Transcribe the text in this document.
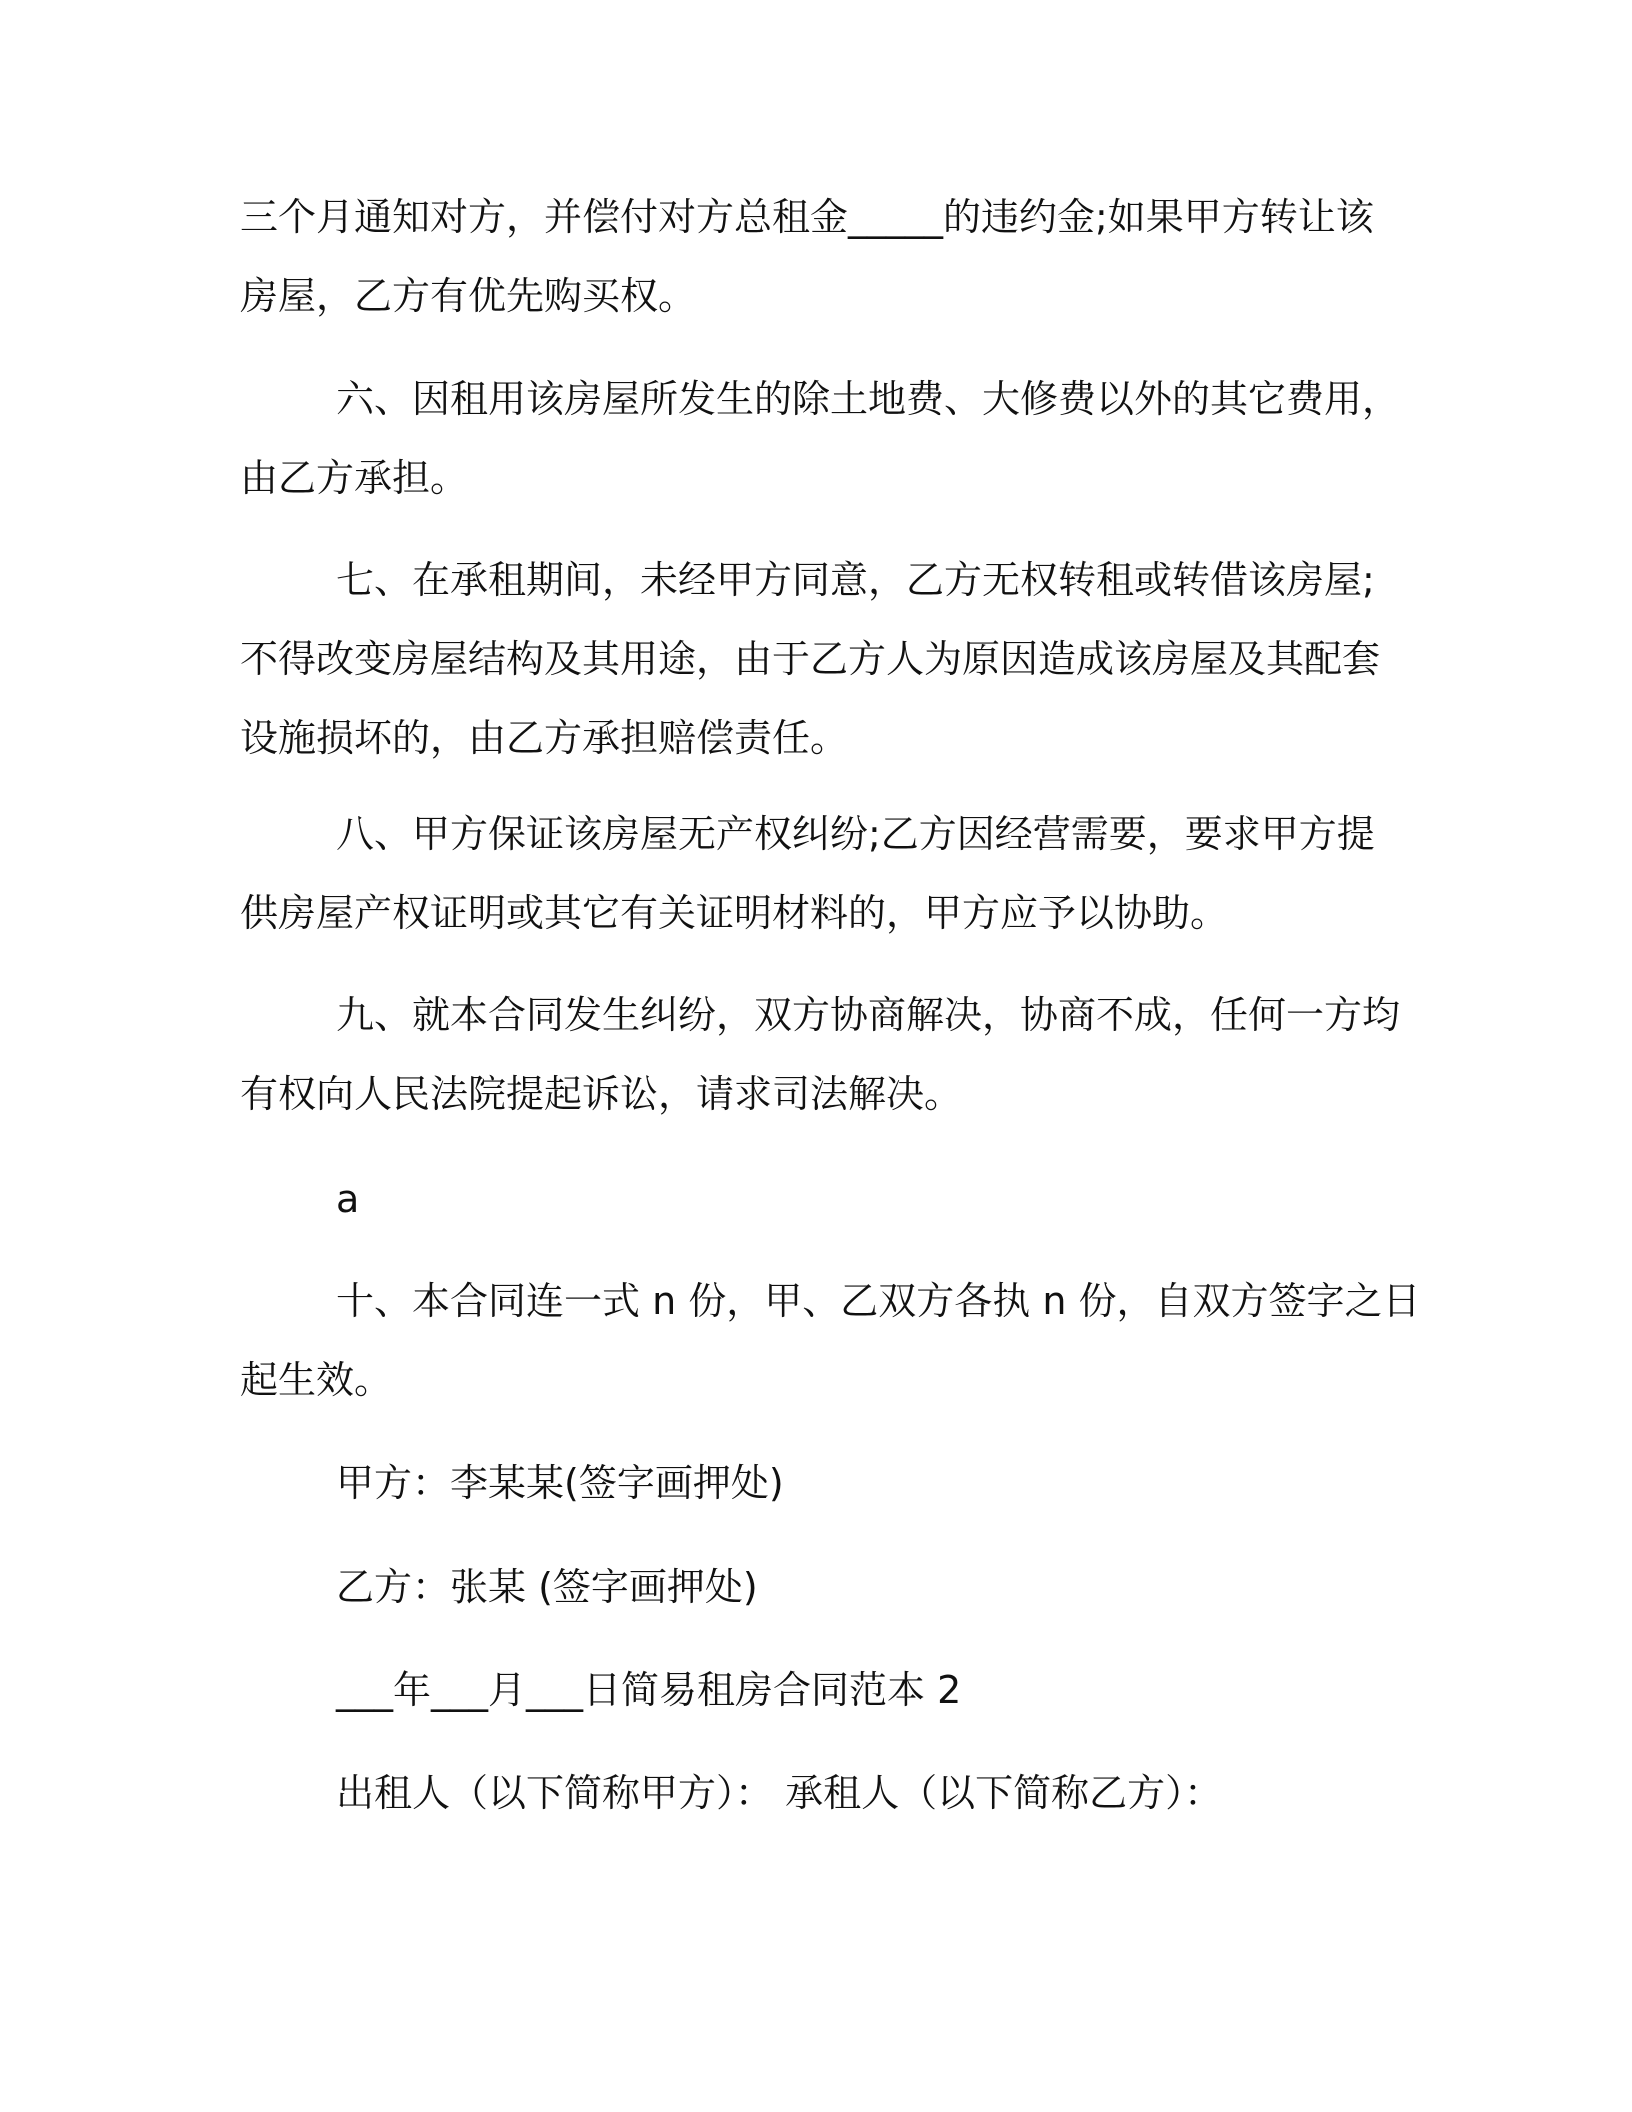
三个月通知对方，并偿付对方总租金_____的违约金;如果甲方转让该
房屋，乙方有优先购买权。
六、因租用该房屋所发生的除土地费、大修费以外的其它费用，
由乙方承担。
七、在承租期间，未经甲方同意，乙方无权转租或转借该房屋;
不得改变房屋结构及其用途，由于乙方人为原因造成该房屋及其配套
设施损坏的，由乙方承担赔偿责任。
八、甲方保证该房屋无产权纠纷;乙方因经营需要，要求甲方提
供房屋产权证明或其它有关证明材料的，甲方应予以协助。
九、就本合同发生纠纷，双方协商解决，协商不成，任何一方均
有权向人民法院提起诉讼，请求司法解决。
a
十、本合同连一式 n 份，甲、乙双方各执 n 份，自双方签字之日
起生效。

甲方：李某某(签字画押处)

乙方：张某 (签字画押处)

___年___月___日简易租房合同范本 2

出租人（以下简称甲方）： 承租人（以下简称乙方）：
